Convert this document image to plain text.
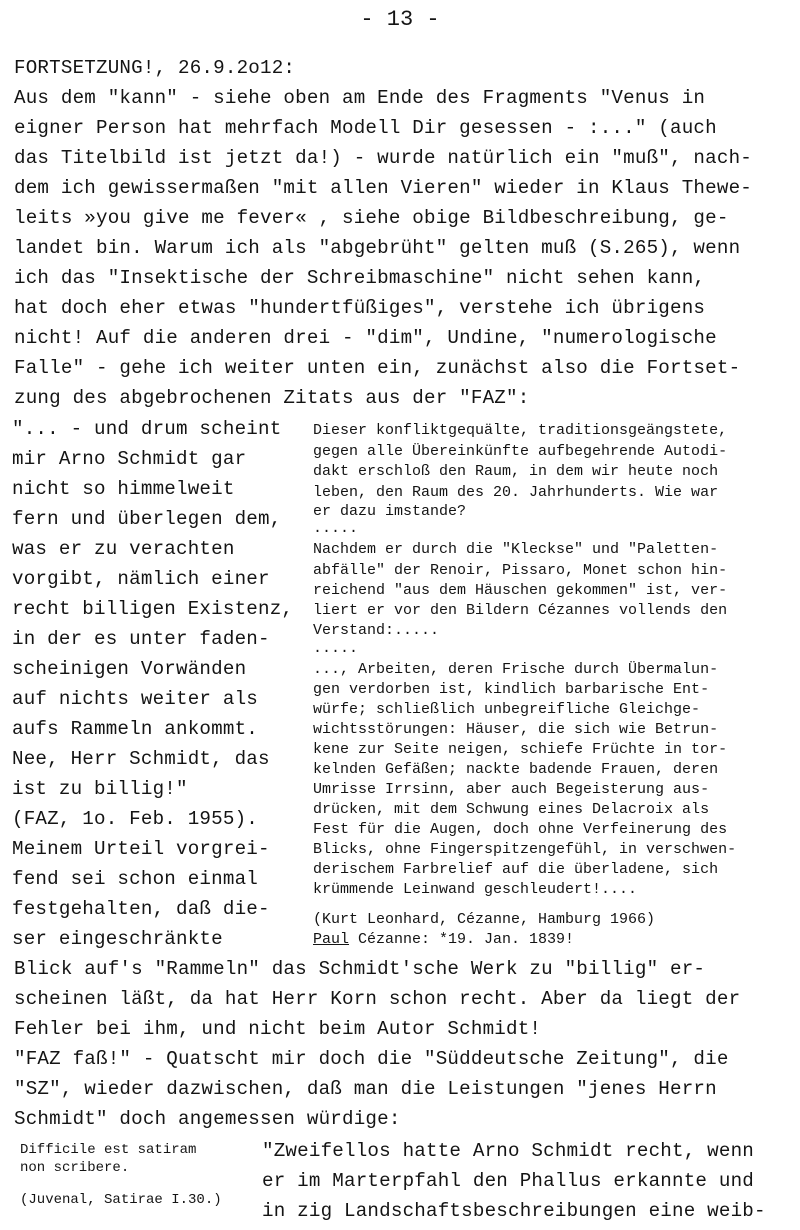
- 13 -
FORTSETZUNG!, 26.9.2o12:
Aus dem "kann" - siehe oben am Ende des Fragments "Venus in
eigner Person hat mehrfach Modell Dir gesessen - :..." (auch
das Titelbild ist jetzt da!) - wurde natürlich ein "muß", nach-
dem ich gewissermaßen "mit allen Vieren" wieder in Klaus Thewe-
leits »you give me fever« , siehe obige Bildbeschreibung, ge-
landet bin. Warum ich als "abgebrüht" gelten muß (S.265), wenn
ich das "Insektische der Schreibmaschine" nicht sehen kann,
hat doch eher etwas "hundertfüßiges", verstehe ich übrigens
nicht! Auf die anderen drei - "dim", Undine, "numerologische
Falle" - gehe ich weiter unten ein, zunächst also die Fortset-
zung des abgebrochenen Zitats aus der "FAZ":
"... - und drum scheint
mir Arno Schmidt gar
nicht so himmelweit
fern und überlegen dem,
was er zu verachten
vorgibt, nämlich einer
recht billigen Existenz,
in der es unter faden-
scheinigen Vorwänden
auf nichts weiter als
aufs Rammeln ankommt.
Nee, Herr Schmidt, das
ist zu billig!"
(FAZ, 1o. Feb. 1955).
Meinem Urteil vorgrei-
fend sei schon einmal
festgehalten, daß die-
ser eingeschränkte
Dieser konfliktgequälte, traditionsgeängstete,
gegen alle Übereinkünfte aufbegehrende Autodi-
dakt erschloß den Raum, in dem wir heute noch
leben, den Raum des 20. Jahrhunderts. Wie war
er dazu imstande?
.....
Nachdem er durch die "Kleckse" und "Paletten-
abfälle" der Renoir, Pissaro, Monet schon hin-
reichend "aus dem Häuschen gekommen" ist, ver-
liert er vor den Bildern Cézannes vollends den
Verstand:.....
.....
..., Arbeiten, deren Frische durch Übermalun-
gen verdorben ist, kindlich barbarische Ent-
würfe; schließlich unbegreifliche Gleichge-
wichtsstörungen: Häuser, die sich wie Betrun-
kene zur Seite neigen, schiefe Früchte in tor-
kelnden Gefäßen; nackte badende Frauen, deren
Umrisse Irrsinn, aber auch Begeisterung aus-
drücken, mit dem Schwung eines Delacroix als
Fest für die Augen, doch ohne Verfeinerung des
Blicks, ohne Fingerspitzengefühl, in verschwen-
derischem Farbrelief auf die überladene, sich
krümmende Leinwand geschleudert!....
(Kurt Leonhard, Cézanne, Hamburg 1966)
Paul Cézanne: *19. Jan. 1839!
Blick auf's "Rammeln" das Schmidt'sche Werk zu "billig" er-
scheinen läßt, da hat Herr Korn schon recht. Aber da liegt der
Fehler bei ihm, und nicht beim Autor Schmidt!
"FAZ faß!" - Quatscht mir doch die "Süddeutsche Zeitung", die
"SZ", wieder dazwischen, daß man die Leistungen "jenes Herrn
Schmidt" doch angemessen würdige:
Difficile est satiram
non scribere.
(Juvenal, Satirae I.30.)
"Zweifellos hatte Arno Schmidt recht, wenn
er im Marterpfahl den Phallus erkannte und
in zig Landschaftsbeschreibungen eine weib-
